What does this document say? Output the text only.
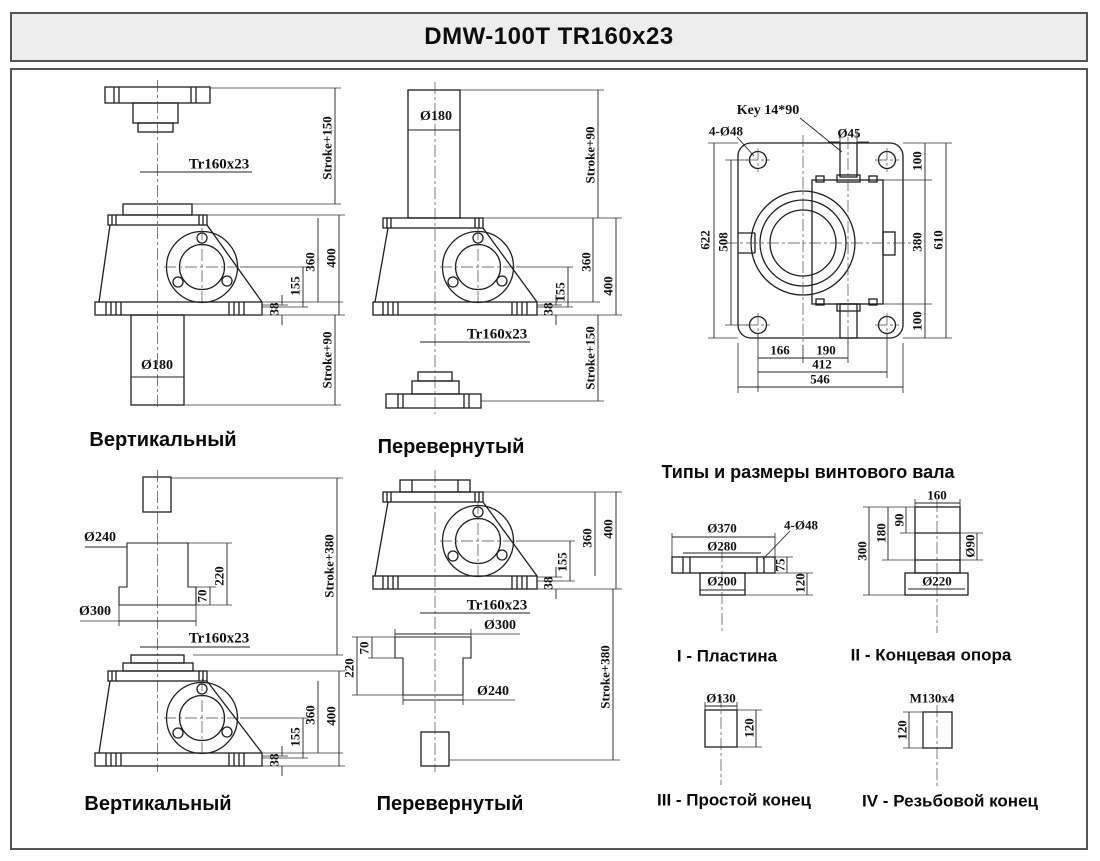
DMW-100T TR160x23
Tr160x23	Stroke+150
400
360
155
38
Stroke+90
Ø180
Вертикальный
Ø180
Stroke+90
360
400
155
38
Tr160x23	Stroke+150
Перевернутый
Key 14*90
4-Ø48	Ø45
622 508
100
380
100
610
166 190
412
546
Ø240
Ø300
220
70
Tr160x23
Stroke+380
400
360
155
38
Вертикальный
Tr160x23
Ø300
Ø240
70
220
360 400
155
38
Stroke+380
Перевернутый
Типы и размеры винтового вала
Ø370
Ø280
4-Ø48
Ø200
75
120
I - Пластина
160
90
180
300	Ø90
Ø220
II - Концевая опора
Ø130
120
III - Простой конец
M130x4
120
IV - Резьбовой конец
